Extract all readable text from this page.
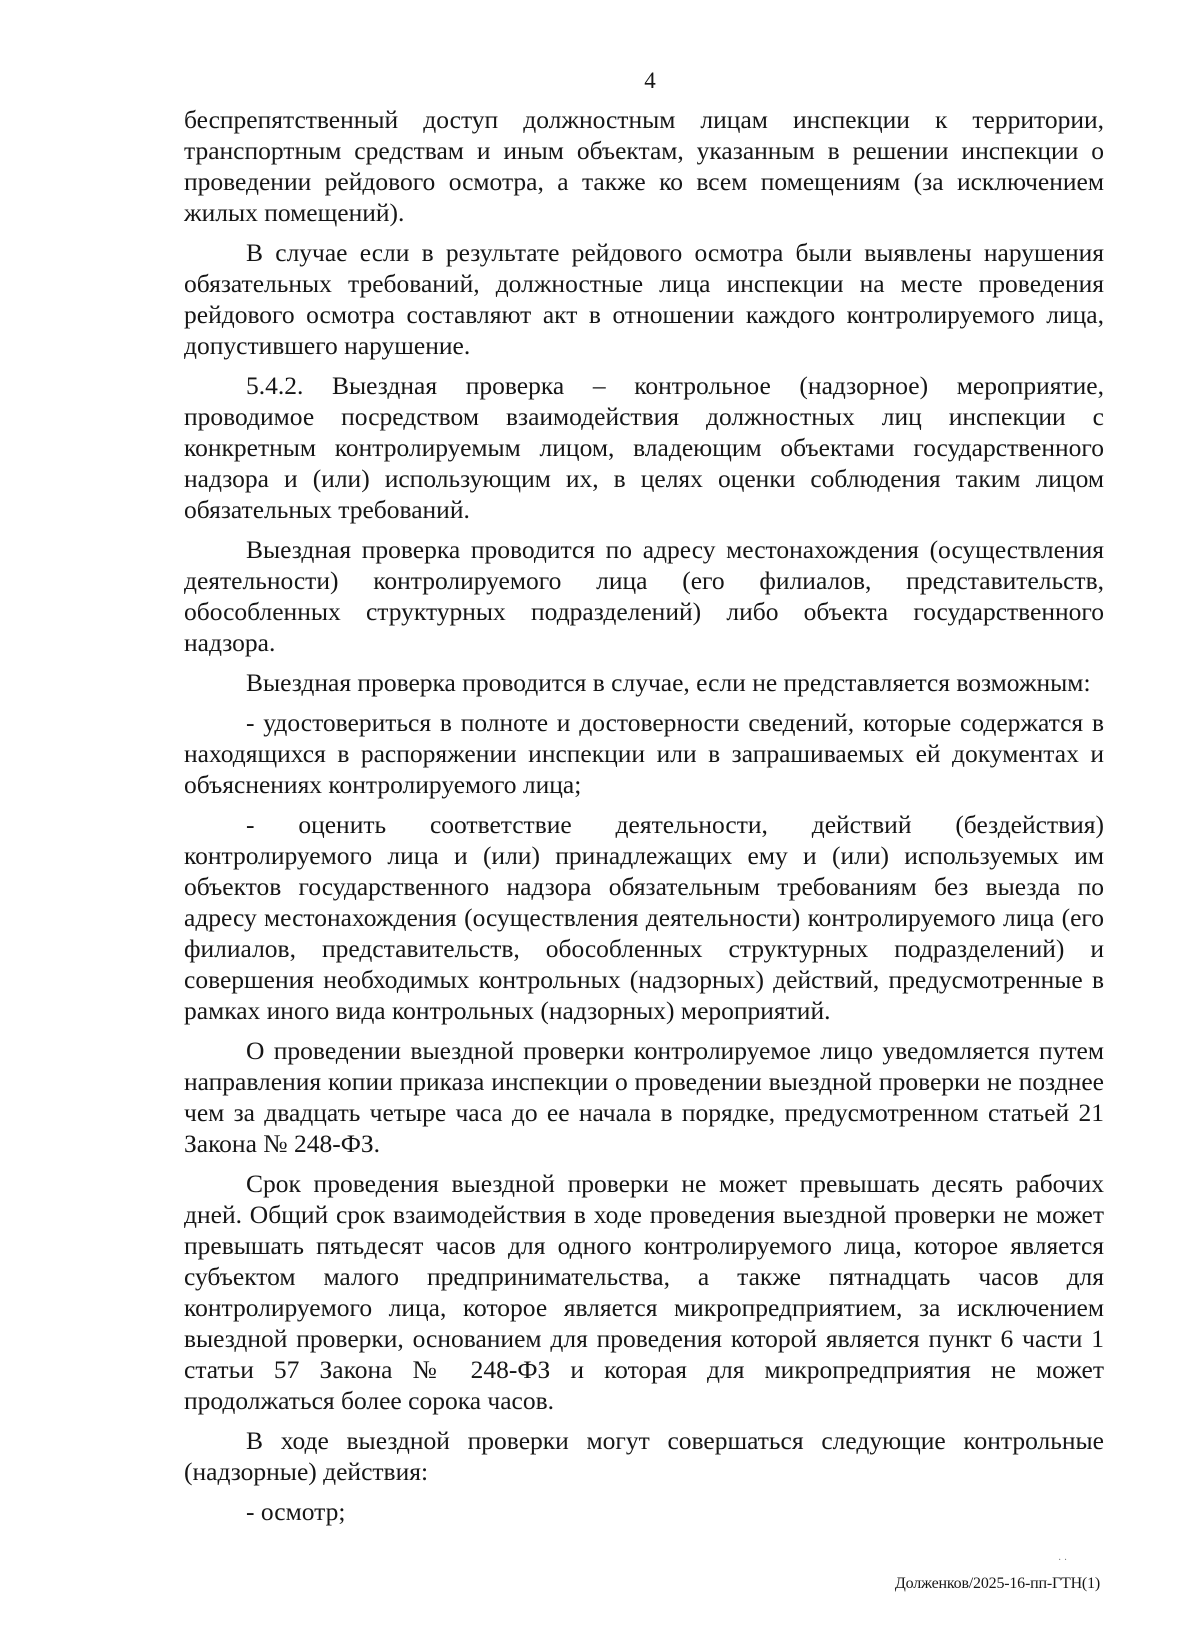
4

беспрепятственный доступ должностным лицам инспекции к территории, транспортным средствам и иным объектам, указанным в решении инспекции о проведении рейдового осмотра, а также ко всем помещениям (за исключением жилых помещений).

В случае если в результате рейдового осмотра были выявлены нарушения обязательных требований, должностные лица инспекции на месте проведения рейдового осмотра составляют акт в отношении каждого контролируемого лица, допустившего нарушение.

5.4.2. Выездная проверка – контрольное (надзорное) мероприятие, проводимое посредством взаимодействия должностных лиц инспекции с конкретным контролируемым лицом, владеющим объектами государственного надзора и (или) использующим их, в целях оценки соблюдения таким лицом обязательных требований.

Выездная проверка проводится по адресу местонахождения (осуществления деятельности) контролируемого лица (его филиалов, представительств, обособленных структурных подразделений) либо объекта государственного надзора.

Выездная проверка проводится в случае, если не представляется возможным:

- удостовериться в полноте и достоверности сведений, которые содержатся в находящихся в распоряжении инспекции или в запрашиваемых ей документах и объяснениях контролируемого лица;

- оценить соответствие деятельности, действий (бездействия) контролируемого лица и (или) принадлежащих ему и (или) используемых им объектов государственного надзора обязательным требованиям без выезда по адресу местонахождения (осуществления деятельности) контролируемого лица (его филиалов, представительств, обособленных структурных подразделений) и совершения необходимых контрольных (надзорных) действий, предусмотренные в рамках иного вида контрольных (надзорных) мероприятий.

О проведении выездной проверки контролируемое лицо уведомляется путем направления копии приказа инспекции о проведении выездной проверки не позднее чем за двадцать четыре часа до ее начала в порядке, предусмотренном статьей 21 Закона № 248-ФЗ.

Срок проведения выездной проверки не может превышать десять рабочих дней. Общий срок взаимодействия в ходе проведения выездной проверки не может превышать пятьдесят часов для одного контролируемого лица, которое является субъектом малого предпринимательства, а также пятнадцать часов для контролируемого лица, которое является микропредприятием, за исключением выездной проверки, основанием для проведения которой является пункт 6 части 1 статьи 57 Закона № 248-ФЗ и которая для микропредприятия не может продолжаться более сорока часов.

В ходе выездной проверки могут совершаться следующие контрольные (надзорные) действия:

- осмотр;

· ·
Долженков/2025-16-пп-ГТН(1)
